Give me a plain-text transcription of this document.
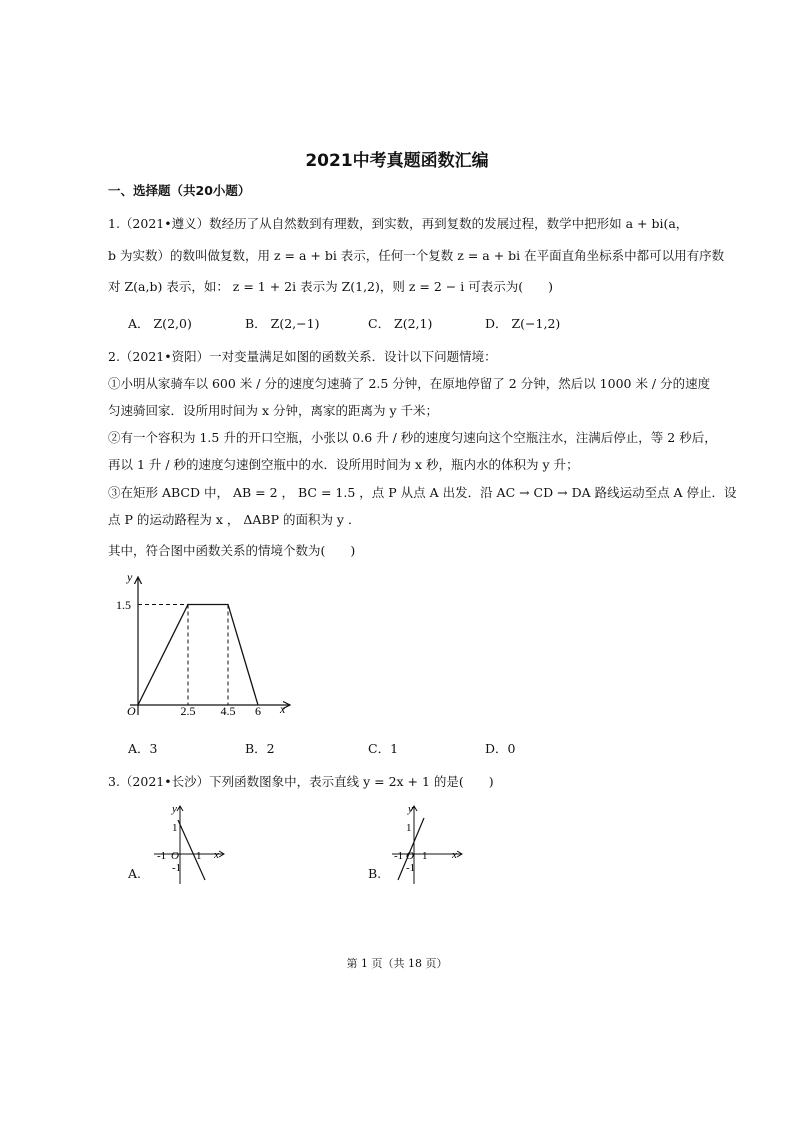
2021中考真题函数汇编
一、选择题（共20小题）
1.（2021•遵义）数经历了从自然数到有理数，到实数，再到复数的发展过程，数学中把形如 a + bi(a，
b 为实数）的数叫做复数，用 z = a + bi 表示，任何一个复数 z = a + bi 在平面直角坐标系中都可以用有序数
对 Z(a,b) 表示，如： z = 1 + 2i 表示为 Z(1,2)，则 z = 2 − i 可表示为(　　)
A． Z(2,0)	B． Z(2,−1)	C． Z(2,1)	D． Z(−1,2)
2.（2021•资阳）一对变量满足如图的函数关系．设计以下问题情境：
①小明从家骑车以 600 米 / 分的速度匀速骑了 2.5 分钟，在原地停留了 2 分钟，然后以 1000 米 / 分的速度
匀速骑回家．设所用时间为 x 分钟，离家的距离为 y 千米；
②有一个容积为 1.5 升的开口空瓶，小张以 0.6 升 / 秒的速度匀速向这个空瓶注水，注满后停止，等 2 秒后，
再以 1 升 / 秒的速度匀速倒空瓶中的水．设所用时间为 x 秒，瓶内水的体积为 y 升；
③在矩形 ABCD 中， AB = 2 ， BC = 1.5 ，点 P 从点 A 出发．沿 AC → CD → DA 路线运动至点 A 停止．设
点 P 的运动路程为 x ， ΔABP 的面积为 y ．
其中，符合图中函数关系的情境个数为(　　)
y
x
O
1.5
2.5 4.5 6
A．3	B．2	C．1	D．0
3.（2021•长沙）下列函数图象中，表示直线 y = 2x + 1 的是(　　)
A.
y
x
1
-1 O 1
-1	B.
y
x
1
-1 O 1
-1
第 1 页（共 18 页）
